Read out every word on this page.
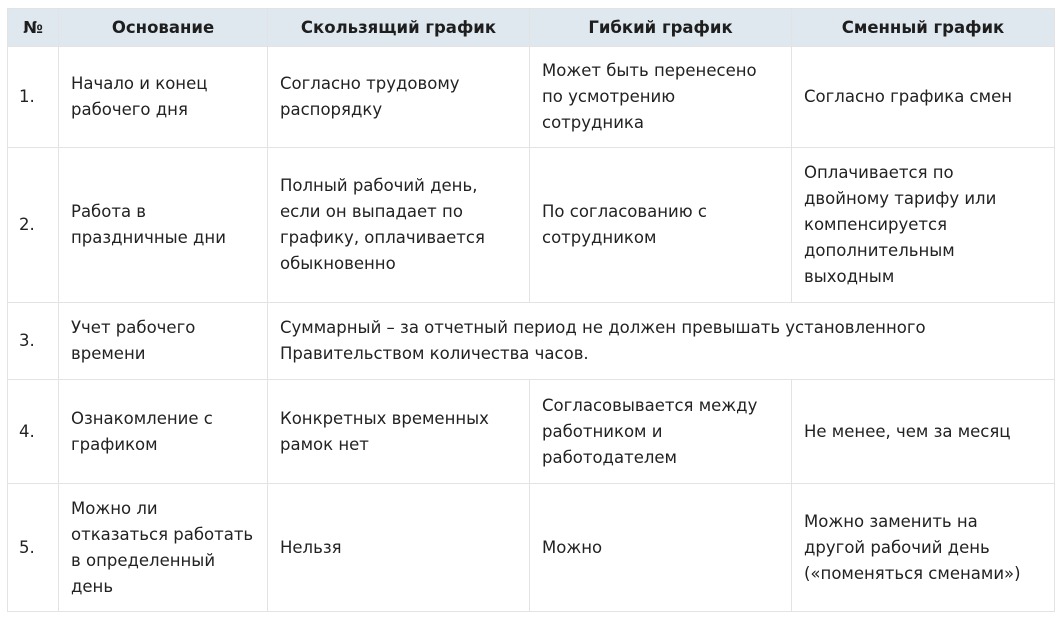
№	Основание	Скользящий график	Гибкий график	Сменный график
1.	Начало и конец рабочего дня	Согласно трудовому распорядку	Может быть перенесено по усмотрению сотрудника	Согласно графика смен
2.	Работа в праздничные дни	Полный рабочий день, если он выпадает по графику, оплачивается обыкновенно	По согласованию с сотрудником	Оплачивается по двойному тарифу или компенсируется дополнительным выходным
3.	Учет рабочего времени	Суммарный – за отчетный период не должен превышать установленного Правительством количества часов.		
4.	Ознакомление с графиком	Конкретных временных рамок нет	Согласовывается между работником и работодателем	Не менее, чем за месяц
5.	Можно ли отказаться работать в определенный день	Нельзя	Можно	Можно заменить на другой рабочий день («поменяться сменами»)
